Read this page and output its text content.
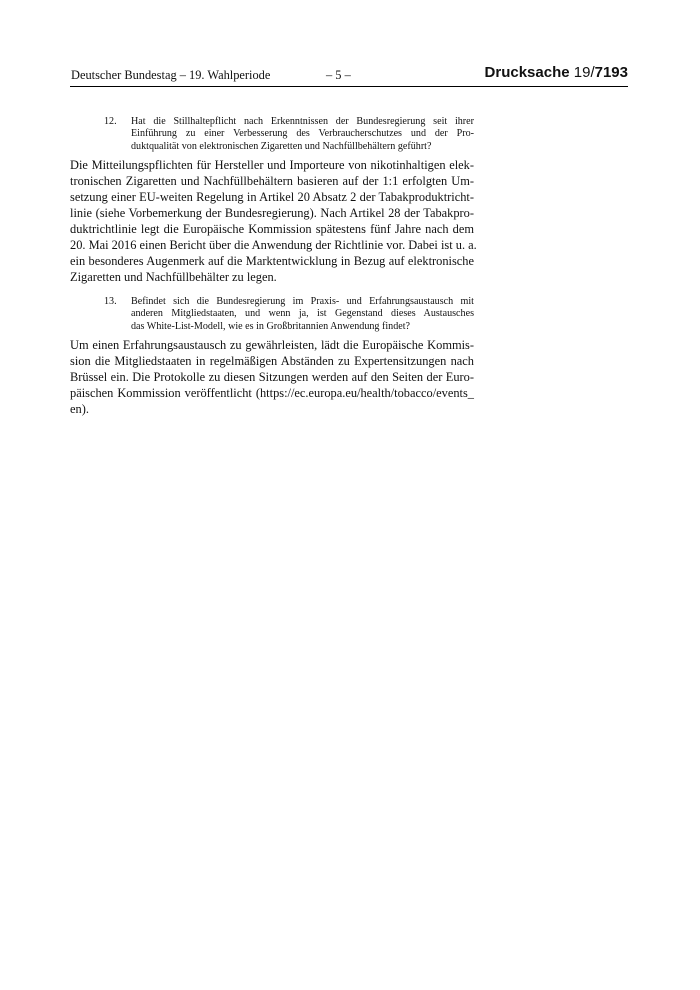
Deutscher Bundestag – 19. Wahlperiode	– 5 –	Drucksache 19/7193
12. Hat die Stillhaltepflicht nach Erkenntnissen der Bundesregierung seit ihrer
Einführung zu einer Verbesserung des Verbraucherschutzes und der Pro-
duktqualität von elektronischen Zigaretten und Nachfüllbehältern geführt?
Die Mitteilungspflichten für Hersteller und Importeure von nikotinhaltigen elek-
tronischen Zigaretten und Nachfüllbehältern basieren auf der 1:1 erfolgten Um-
setzung einer EU-weiten Regelung in Artikel 20 Absatz 2 der Tabakproduktricht-
linie (siehe Vorbemerkung der Bundesregierung). Nach Artikel 28 der Tabakpro-
duktrichtlinie legt die Europäische Kommission spätestens fünf Jahre nach dem
20. Mai 2016 einen Bericht über die Anwendung der Richtlinie vor. Dabei ist u. a.
ein besonderes Augenmerk auf die Marktentwicklung in Bezug auf elektronische
Zigaretten und Nachfüllbehälter zu legen.
13. Befindet sich die Bundesregierung im Praxis- und Erfahrungsaustausch mit
anderen Mitgliedstaaten, und wenn ja, ist Gegenstand dieses Austausches
das White-List-Modell, wie es in Großbritannien Anwendung findet?
Um einen Erfahrungsaustausch zu gewährleisten, lädt die Europäische Kommis-
sion die Mitgliedstaaten in regelmäßigen Abständen zu Expertensitzungen nach
Brüssel ein. Die Protokolle zu diesen Sitzungen werden auf den Seiten der Euro-
päischen Kommission veröffentlicht (https://ec.europa.eu/health/tobacco/events_
en).
